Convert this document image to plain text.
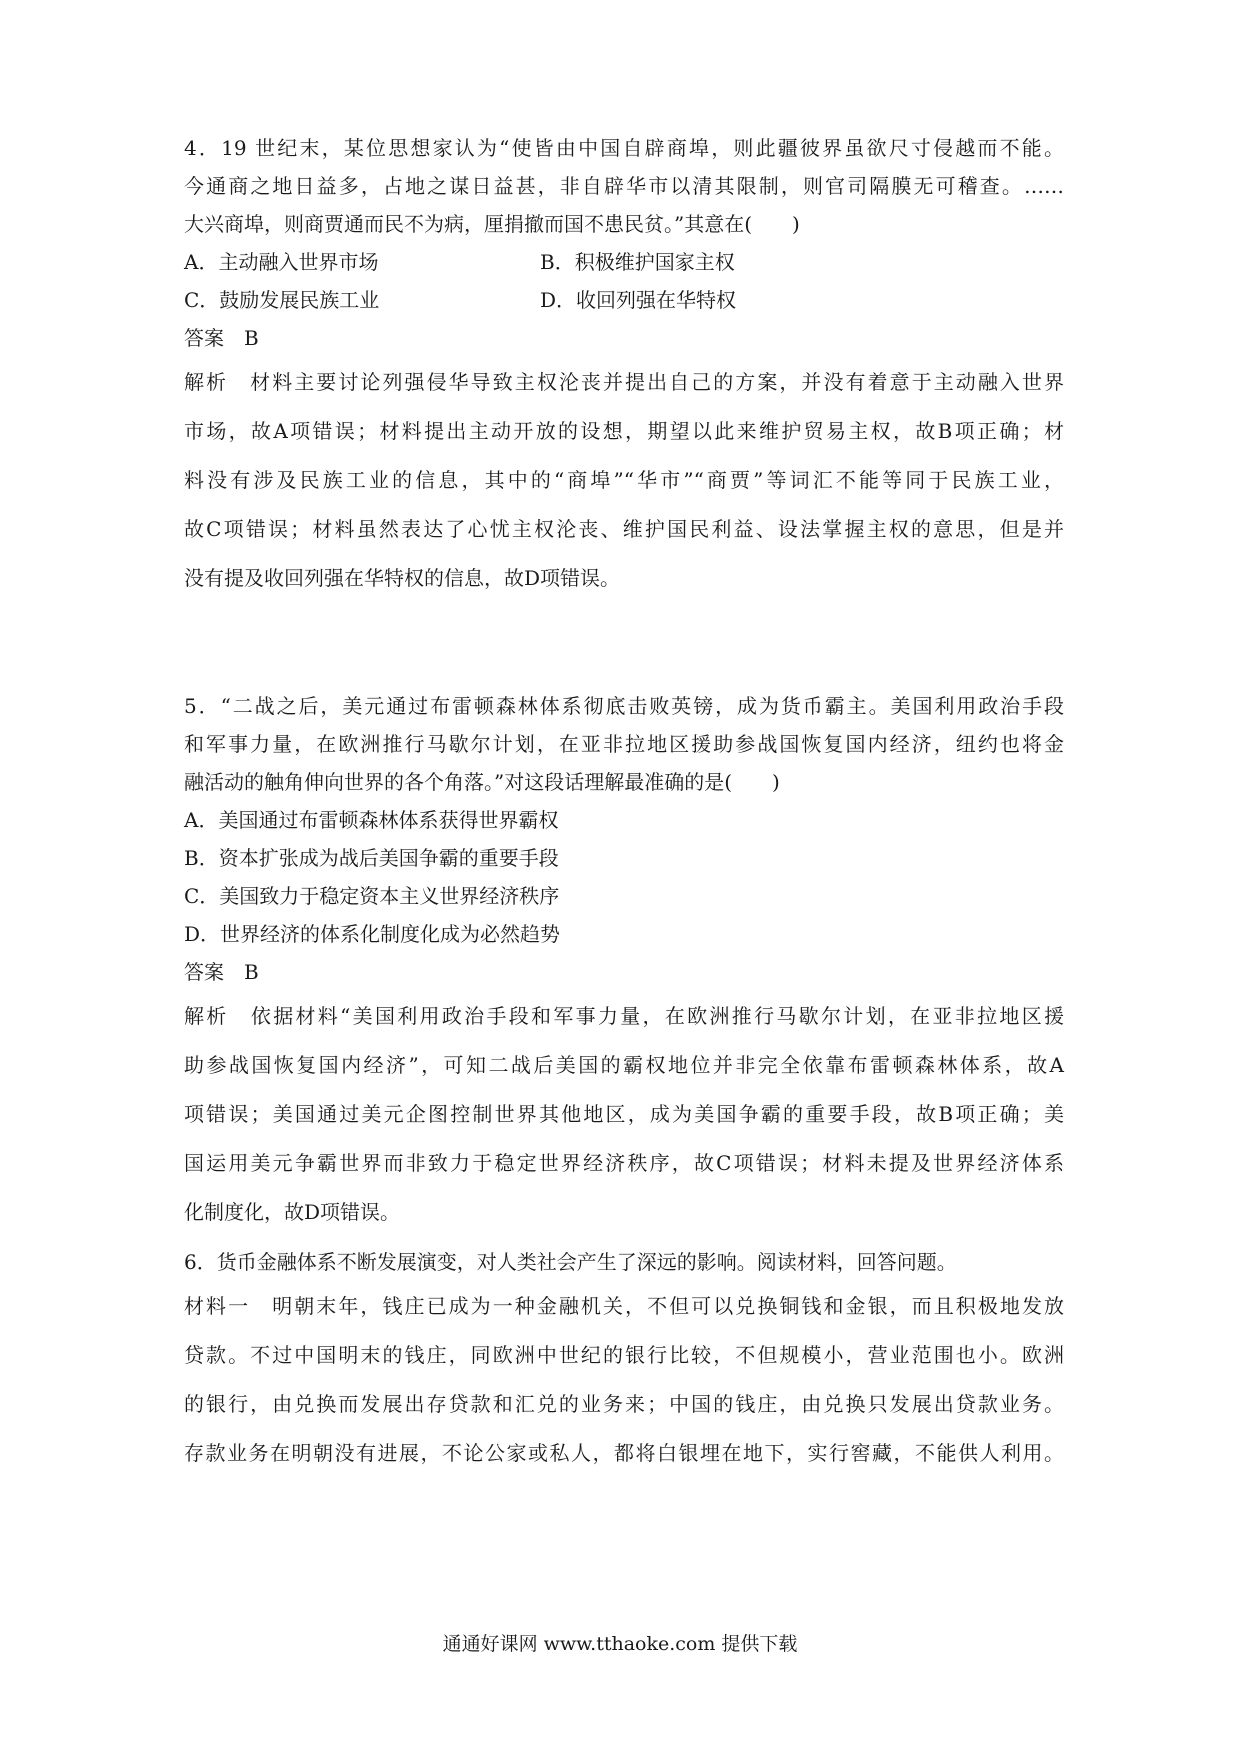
4．19 世纪末，某位思想家认为“使皆由中国自辟商埠，则此疆彼界虽欲尺寸侵越而不能。
今通商之地日益多，占地之谋日益甚，非自辟华市以清其限制，则官司隔膜无可稽查。……
大兴商埠，则商贾通而民不为病，厘捐撤而国不患民贫。”其意在(　　)
A．主动融入世界市场	B．积极维护国家主权
C．鼓励发展民族工业	D．收回列强在华特权
答案　B
解析　材料主要讨论列强侵华导致主权沦丧并提出自己的方案，并没有着意于主动融入世界
市场，故A项错误；材料提出主动开放的设想，期望以此来维护贸易主权，故B项正确；材
料没有涉及民族工业的信息，其中的“商埠”“华市”“商贾”等词汇不能等同于民族工业，
故C项错误；材料虽然表达了心忧主权沦丧、维护国民利益、设法掌握主权的意思，但是并
没有提及收回列强在华特权的信息，故D项错误。
5．“二战之后，美元通过布雷顿森林体系彻底击败英镑，成为货币霸主。美国利用政治手段
和军事力量，在欧洲推行马歇尔计划，在亚非拉地区援助参战国恢复国内经济，纽约也将金
融活动的触角伸向世界的各个角落。”对这段话理解最准确的是(　　)
A．美国通过布雷顿森林体系获得世界霸权
B．资本扩张成为战后美国争霸的重要手段
C．美国致力于稳定资本主义世界经济秩序
D．世界经济的体系化制度化成为必然趋势
答案　B
解析　依据材料“美国利用政治手段和军事力量，在欧洲推行马歇尔计划，在亚非拉地区援
助参战国恢复国内经济”，可知二战后美国的霸权地位并非完全依靠布雷顿森林体系，故A
项错误；美国通过美元企图控制世界其他地区，成为美国争霸的重要手段，故B项正确；美
国运用美元争霸世界而非致力于稳定世界经济秩序，故C项错误；材料未提及世界经济体系
化制度化，故D项错误。
6．货币金融体系不断发展演变，对人类社会产生了深远的影响。阅读材料，回答问题。
材料一　明朝末年，钱庄已成为一种金融机关，不但可以兑换铜钱和金银，而且积极地发放
贷款。不过中国明末的钱庄，同欧洲中世纪的银行比较，不但规模小，营业范围也小。欧洲
的银行，由兑换而发展出存贷款和汇兑的业务来；中国的钱庄，由兑换只发展出贷款业务。
存款业务在明朝没有进展，不论公家或私人，都将白银埋在地下，实行窖藏，不能供人利用。
通通好课网 www.tthaoke.com 提供下载
